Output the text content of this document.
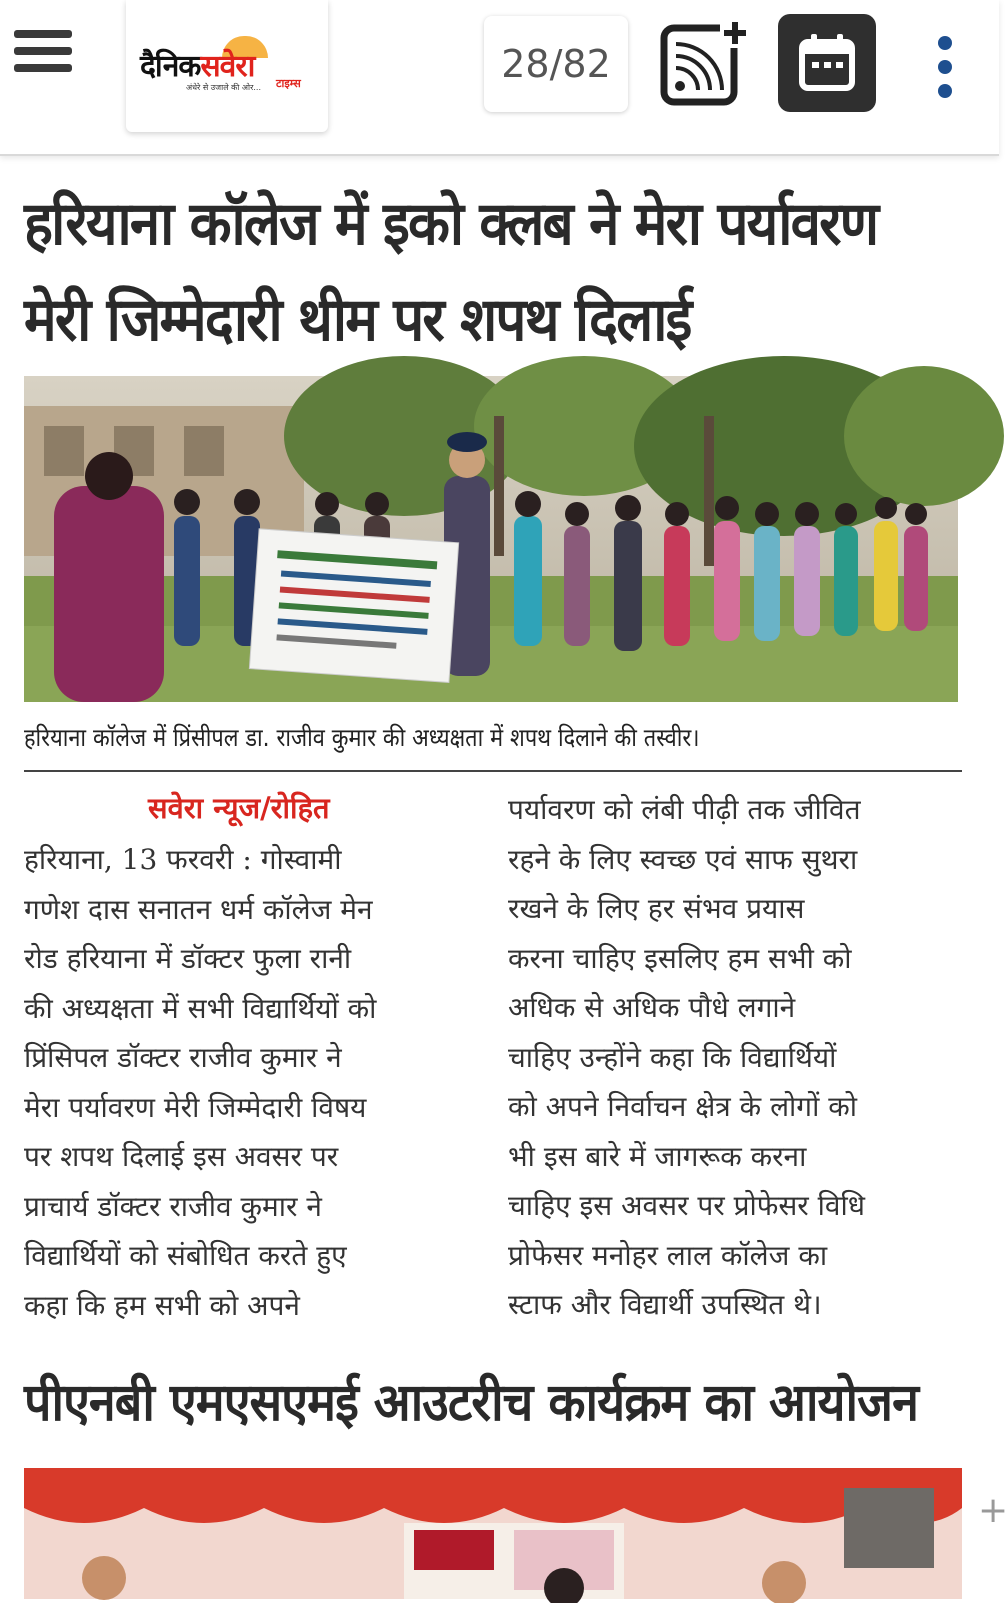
दैनिकसवेरा
अंधेरे से उजाले की ओर... टाइम्स	28/82
हरियाना कॉलेज में इको क्लब ने मेरा पर्यावरण
मेरी जिम्मेदारी थीम पर शपथ दिलाई
हरियाना कॉलेज में प्रिंसीपल डा. राजीव कुमार की अध्यक्षता में शपथ दिलाने की तस्वीर।
सवेरा न्यूज/रोहित
हरियाना, 13 फरवरी : गोस्वामी
गणेश दास सनातन धर्म कॉलेज मेन
रोड हरियाना में डॉक्टर फुला रानी
की अध्यक्षता में सभी विद्यार्थियों को
प्रिंसिपल डॉक्टर राजीव कुमार ने
मेरा पर्यावरण मेरी जिम्मेदारी विषय
पर शपथ दिलाई इस अवसर पर
प्राचार्य डॉक्टर राजीव कुमार ने
विद्यार्थियों को संबोधित करते हुए
कहा कि हम सभी को अपने
पर्यावरण को लंबी पीढ़ी तक जीवित
रहने के लिए स्वच्छ एवं साफ सुथरा
रखने के लिए हर संभव प्रयास
करना चाहिए इसलिए हम सभी को
अधिक से अधिक पौधे लगाने
चाहिए उन्होंने कहा कि विद्यार्थियों
को अपने निर्वाचन क्षेत्र के लोगों को
भी इस बारे में जागरूक करना
चाहिए इस अवसर पर प्रोफेसर विधि
प्रोफेसर मनोहर लाल कॉलेज का
स्टाफ और विद्यार्थी उपस्थित थे।
पीएनबी एमएसएमई आउटरीच कार्यक्रम का आयोजन
+
